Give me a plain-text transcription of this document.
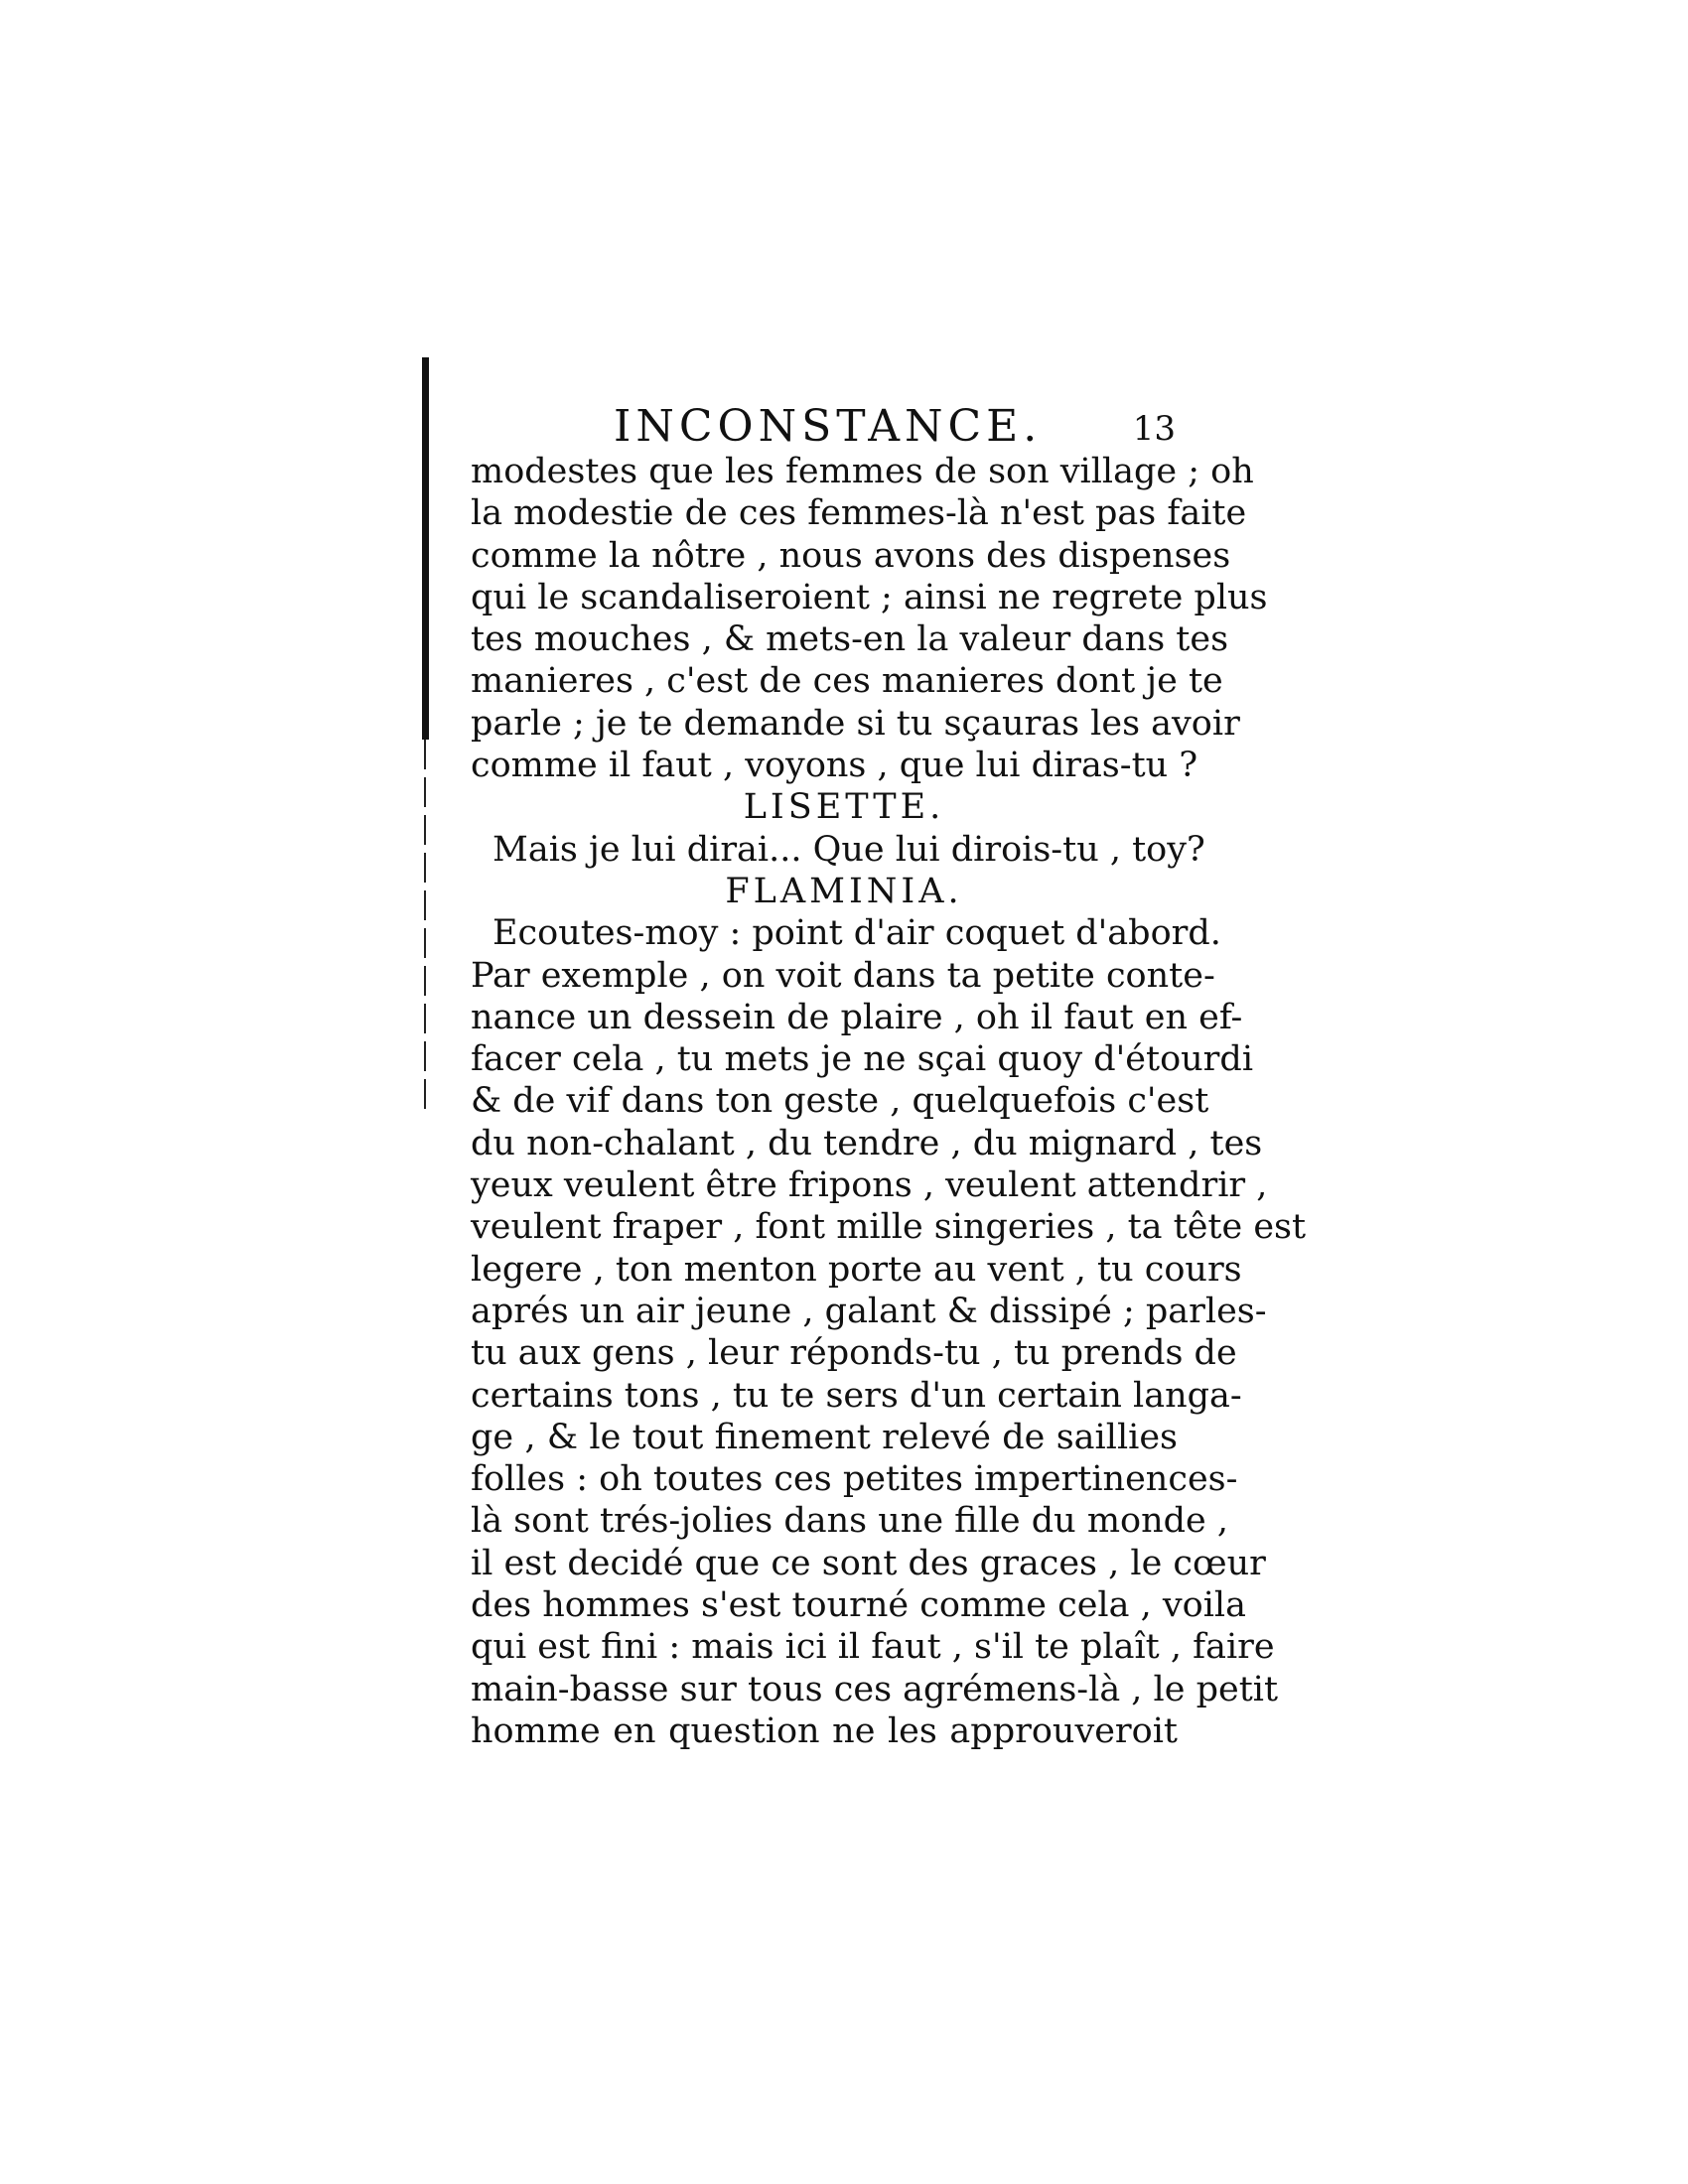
INCONSTANCE.	13
modestes que les femmes de son village ; oh
la modestie de ces femmes-là n'est pas faite
comme la nôtre , nous avons des dispenses
qui le scandaliseroient ; ainsi ne regrete plus
tes mouches , & mets-en la valeur dans tes
manieres , c'est de ces manieres dont je te
parle ; je te demande si tu sçauras les avoir
comme il faut , voyons , que lui diras-tu ?
LISETTE.
Mais je lui dirai... Que lui dirois-tu , toy?
FLAMINIA.
Ecoutes-moy : point d'air coquet d'abord.
Par exemple , on voit dans ta petite conte-
nance un dessein de plaire , oh il faut en ef-
facer cela , tu mets je ne sçai quoy d'étourdi
& de vif dans ton geste , quelquefois c'est
du non-chalant , du tendre , du mignard , tes
yeux veulent être fripons , veulent attendrir ,
veulent fraper , font mille singeries , ta tête est
legere , ton menton porte au vent , tu cours
aprés un air jeune , galant & dissipé ; parles-
tu aux gens , leur réponds-tu , tu prends de
certains tons , tu te sers d'un certain langa-
ge , & le tout finement relevé de saillies
folles : oh toutes ces petites impertinences-
là sont trés-jolies dans une fille du monde ,
il est decidé que ce sont des graces , le cœur
des hommes s'est tourné comme cela , voila
qui est fini : mais ici il faut , s'il te plaît , faire
main-basse sur tous ces agrémens-là , le petit
homme en question ne les approuveroit
